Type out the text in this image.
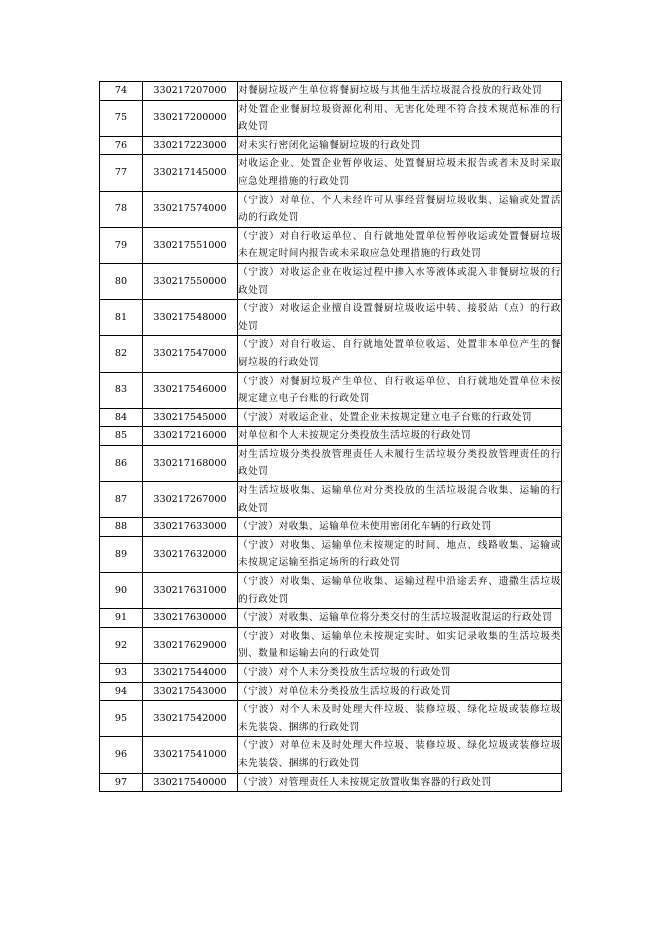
74	330217207000	对餐厨垃圾产生单位将餐厨垃圾与其他生活垃圾混合投放的行政处罚
75	330217200000	对处置企业餐厨垃圾资源化利用、无害化处理不符合技术规范标准的行政处罚
76	330217223000	对未实行密闭化运输餐厨垃圾的行政处罚
77	330217145000	对收运企业、处置企业暂停收运、处置餐厨垃圾未报告或者未及时采取应急处理措施的行政处罚
78	330217574000	（宁波）对单位、个人未经许可从事经营餐厨垃圾收集、运输或处置活动的行政处罚
79	330217551000	（宁波）对自行收运单位、自行就地处置单位暂停收运或处置餐厨垃圾未在规定时间内报告或未采取应急处理措施的行政处罚
80	330217550000	（宁波）对收运企业在收运过程中掺入水等液体或混入非餐厨垃圾的行政处罚
81	330217548000	（宁波）对收运企业擅自设置餐厨垃圾收运中转、接驳站（点）的行政处罚
82	330217547000	（宁波）对自行收运、自行就地处置单位收运、处置非本单位产生的餐厨垃圾的行政处罚
83	330217546000	（宁波）对餐厨垃圾产生单位、自行收运单位、自行就地处置单位未按规定建立电子台账的行政处罚
84	330217545000	（宁波）对收运企业、处置企业未按规定建立电子台账的行政处罚
85	330217216000	对单位和个人未按规定分类投放生活垃圾的行政处罚
86	330217168000	对生活垃圾分类投放管理责任人未履行生活垃圾分类投放管理责任的行政处罚
87	330217267000	对生活垃圾收集、运输单位对分类投放的生活垃圾混合收集、运输的行政处罚
88	330217633000	（宁波）对收集、运输单位未使用密闭化车辆的行政处罚
89	330217632000	（宁波）对收集、运输单位未按规定的时间、地点、线路收集、运输或未按规定运输至指定场所的行政处罚
90	330217631000	（宁波）对收集、运输单位收集、运输过程中沿途丢弃、遗撒生活垃圾的行政处罚
91	330217630000	（宁波）对收集、运输单位将分类交付的生活垃圾混收混运的行政处罚
92	330217629000	（宁波）对收集、运输单位未按规定实时、如实记录收集的生活垃圾类别、数量和运输去向的行政处罚
93	330217544000	（宁波）对个人未分类投放生活垃圾的行政处罚
94	330217543000	（宁波）对单位未分类投放生活垃圾的行政处罚
95	330217542000	（宁波）对个人未及时处理大件垃圾、装修垃圾、绿化垃圾或装修垃圾未先装袋、捆绑的行政处罚
96	330217541000	（宁波）对单位未及时处理大件垃圾、装修垃圾、绿化垃圾或装修垃圾未先装袋、捆绑的行政处罚
97	330217540000	（宁波）对管理责任人未按规定放置收集容器的行政处罚
